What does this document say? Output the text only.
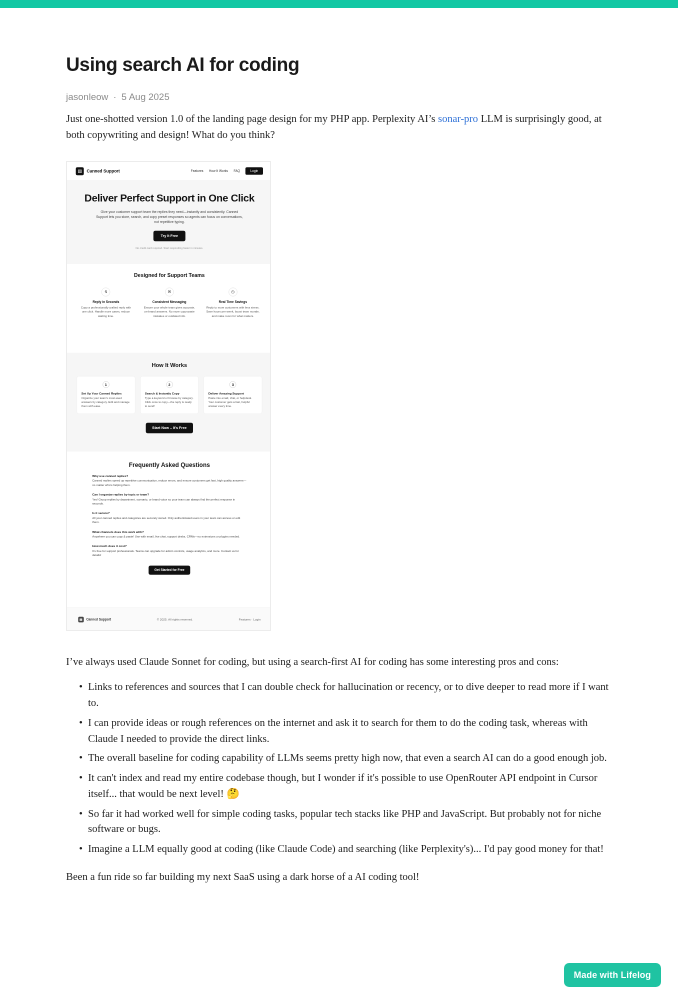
Using search AI for coding
jasonleow · 5 Aug 2025

Just one-shotted version 1.0 of the landing page design for my PHP app. Perplexity AI’s sonar-pro LLM is surprisingly good, at both copywriting and design! What do you think?

▤ Canned Support	Features How It Works FAQ	Login
Deliver Perfect Support in One Click
Give your customer support team the replies they need—instantly and consistently. Canned Support lets you store, search, and copy preset responses so agents can focus on conversations, not repetitive typing.
Try It Free
No credit card required. Start responding faster in minutes.
Designed for Support Teams
↯
Reply in Seconds
Copy a professionally crafted reply with one click. Handle more cases, reduce waiting time.
✉
Consistent Messaging
Ensure your whole team gives accurate, on-brand answers. No more copy-paste mistakes or outdated info.
◷
Real Time Savings
Reply to more customers with less stress. Save hours per week, boost team morale, and make room for what matters.
How It Works
1
Set Up Your Canned Replies
Organize your team's most-used answers by category. Edit and manage them with ease.
2
Search & Instantly Copy
Type a keyword or browse by category. Click once to copy—the reply is ready to send!
3
Deliver Amazing Support
Paste into email, chat, or helpdesk. Your customer gets a fast, helpful answer every time.
Start Now – It's Free
Frequently Asked Questions
Why use canned replies?
Canned replies speed up repetitive communication, reduce errors, and ensure customers get fast, high quality answers—no matter who's helping them.
Can I organize replies by topic or team?
Yes! Group replies by department, scenario, or brand voice so your team can always find the perfect response in seconds.
Is it secure?
All your canned replies and categories are securely stored. Only authenticated users in your team can access or edit them.
What channels does this work with?
Anywhere you can copy & paste! Use with email, live chat, support desks, CRMs—no extensions or plugins needed.
How much does it cost?
It's free for support professionals. Teams can upgrade for admin controls, usage analytics, and more. Contact us for details!
Get Started for Free
▤ Canned Support	© 2025. All rights reserved.	Features · Login

I’ve always used Claude Sonnet for coding, but using a search-first AI for coding has some interesting pros and cons:

• Links to references and sources that I can double check for hallucination or recency, or to dive deeper to read more if I want to.
• I can provide ideas or rough references on the internet and ask it to search for them to do the coding task, whereas with Claude I needed to provide the direct links.
• The overall baseline for coding capability of LLMs seems pretty high now, that even a search AI can do a good enough job.
• It can't index and read my entire codebase though, but I wonder if it's possible to use OpenRouter API endpoint in Cursor itself... that would be next level! 🤔
• So far it had worked well for simple coding tasks, popular tech stacks like PHP and JavaScript. But probably not for niche software or bugs.
• Imagine a LLM equally good at coding (like Claude Code) and searching (like Perplexity's)... I'd pay good money for that!

Been a fun ride so far building my next SaaS using a dark horse of a AI coding tool!

Made with Lifelog
